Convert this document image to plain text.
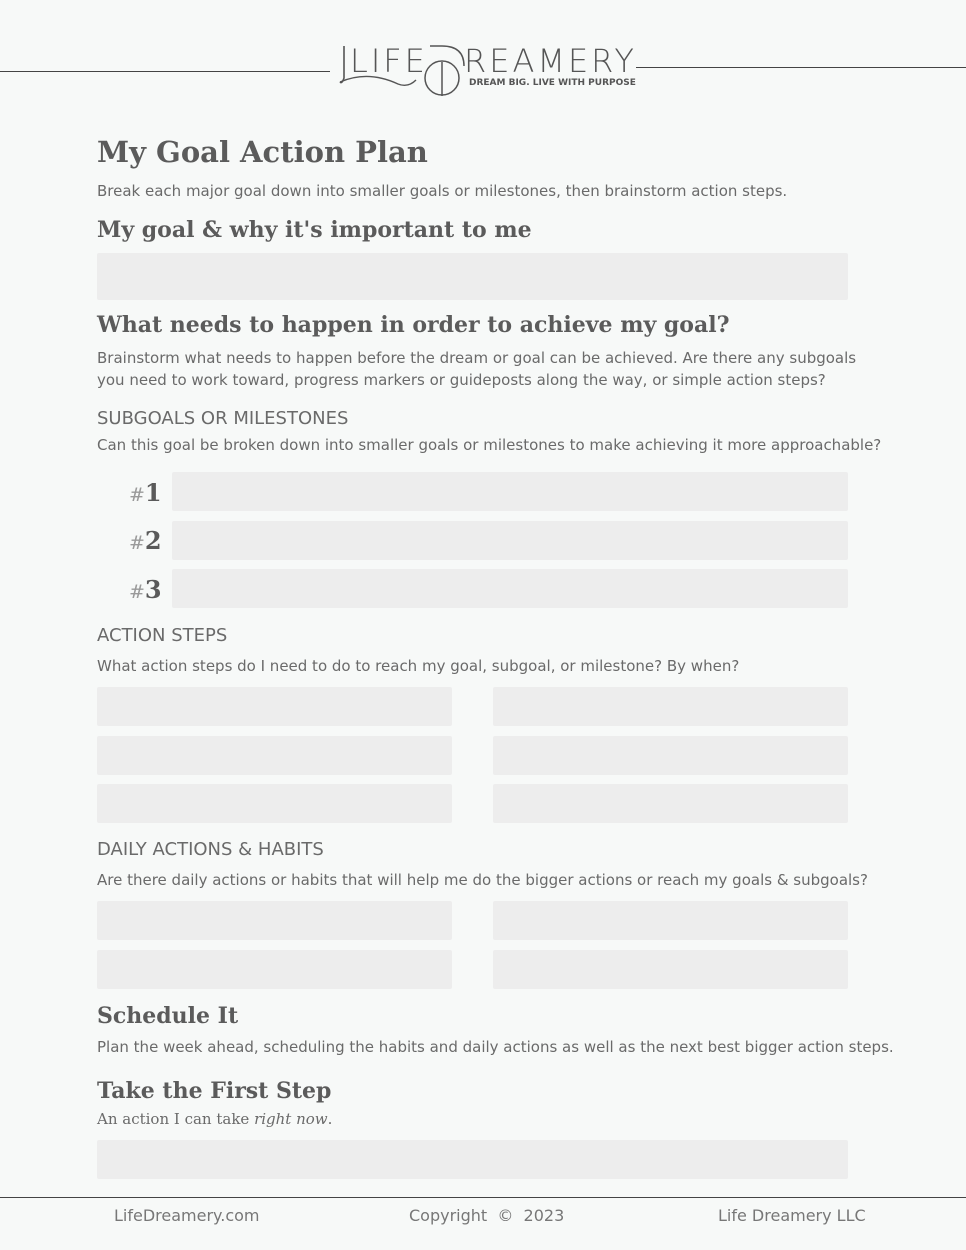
LIFE REAMERY
DREAM BIG. LIVE WITH PURPOSE
My Goal Action Plan
Break each major goal down into smaller goals or milestones, then brainstorm action steps.
My goal & why it's important to me
What needs to happen in order to achieve my goal?
Brainstorm what needs to happen before the dream or goal can be achieved. Are there any subgoals you need to work toward, progress markers or guideposts along the way, or simple action steps?
SUBGOALS OR MILESTONES
Can this goal be broken down into smaller goals or milestones to make achieving it more approachable?
#1
#2
#3
ACTION STEPS
What action steps do I need to do to reach my goal, subgoal, or milestone? By when?
DAILY ACTIONS & HABITS
Are there daily actions or habits that will help me do the bigger actions or reach my goals & subgoals?
Schedule It
Plan the week ahead, scheduling the habits and daily actions as well as the next best bigger action steps.
Take the First Step
An action I can take right now.
LifeDreamery.com	Copyright © 2023	Life Dreamery LLC
